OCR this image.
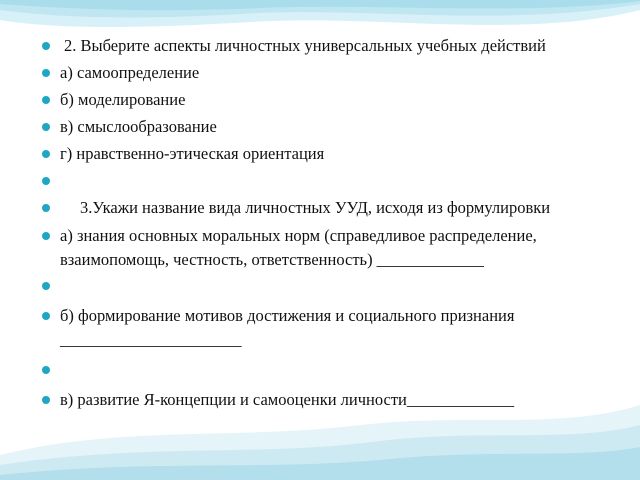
2. Выберите аспекты личностных универсальных учебных действий
а) самоопределение
б) моделирование
в) смыслообразование
г) нравственно-этическая ориентация
3.Укажи название вида личностных УУД, исходя из формулировки
а) знания основных моральных норм (справедливое распределение, взаимопомощь, честность, ответственность) _____________
б) формирование мотивов достижения и социального признания ______________________
в) развитие Я-концепции и самооценки личности_____________
